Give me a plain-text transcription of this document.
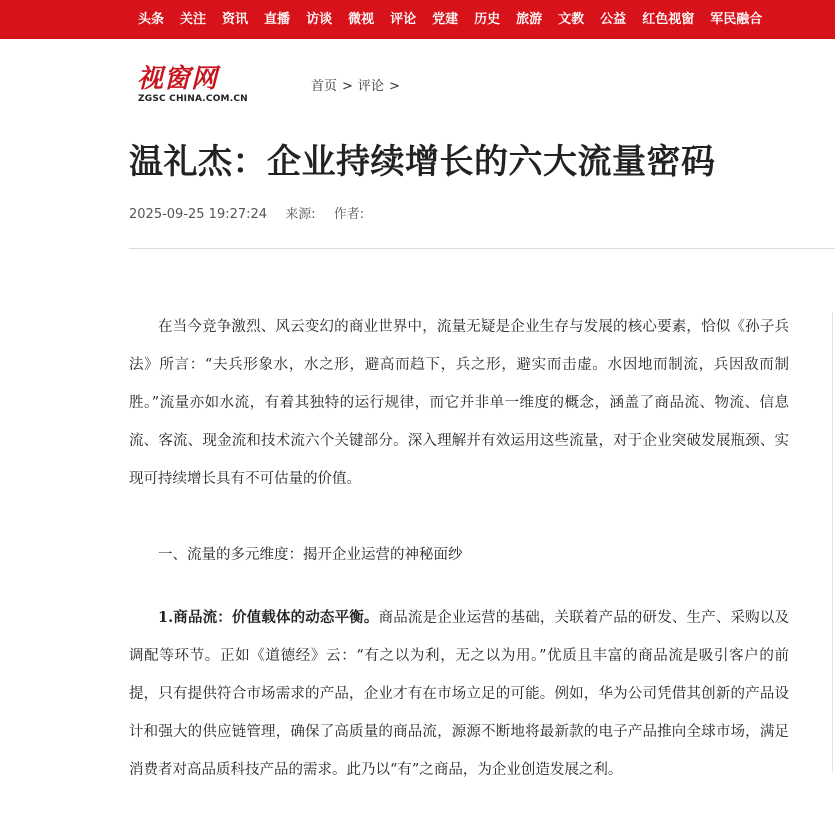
头条 关注 资讯 直播 访谈 微视 评论 党建 历史 旅游 文教 公益 红色视窗 军民融合
视窗网
ZGSC CHINA.COM.CN
首页 > 评论 >
温礼杰：企业持续增长的六大流量密码
2025-09-25 19:27:24 来源: 作者:

在当今竞争激烈、风云变幻的商业世界中，流量无疑是企业生存与发展的核心要素，恰似《孙子兵法》所言：“夫兵形象水，水之形，避高而趋下，兵之形，避实而击虚。水因地而制流，兵因敌而制胜。”流量亦如水流，有着其独特的运行规律，而它并非单一维度的概念，涵盖了商品流、物流、信息流、客流、现金流和技术流六个关键部分。深入理解并有效运用这些流量，对于企业突破发展瓶颈、实现可持续增长具有不可估量的价值。

一、流量的多元维度：揭开企业运营的神秘面纱

1.商品流：价值载体的动态平衡。商品流是企业运营的基础，关联着产品的研发、生产、采购以及调配等环节。正如《道德经》云：“有之以为利，无之以为用。”优质且丰富的商品流是吸引客户的前提，只有提供符合市场需求的产品，企业才有在市场立足的可能。例如，华为公司凭借其创新的产品设计和强大的供应链管理，确保了高质量的商品流，源源不断地将最新款的电子产品推向全球市场，满足消费者对高品质科技产品的需求。此乃以“有”之商品，为企业创造发展之利。
